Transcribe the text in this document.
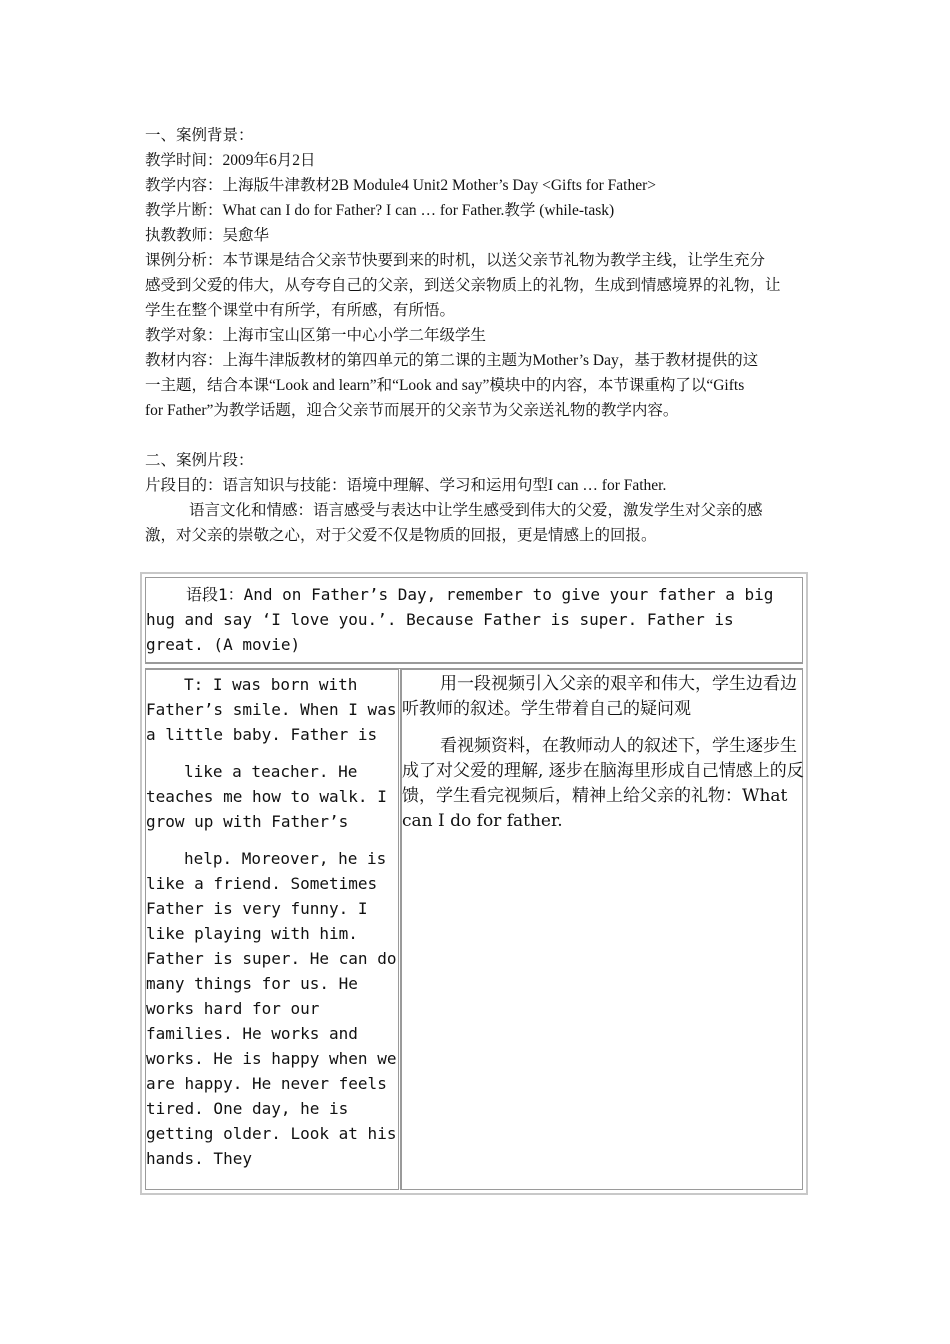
一、案例背景：
教学时间：2009年6月2日
教学内容：上海版牛津教材2B Module4 Unit2 Mother’s Day <Gifts for Father>
教学片断：What can I do for Father? I can … for Father.教学 (while-task)
执教教师：吴愈华
课例分析：本节课是结合父亲节快要到来的时机，以送父亲节礼物为教学主线，让学生充分
感受到父爱的伟大，从夸夸自己的父亲，到送父亲物质上的礼物，生成到情感境界的礼物，让
学生在整个课堂中有所学，有所感，有所悟。
教学对象：上海市宝山区第一中心小学二年级学生
教材内容：上海牛津版教材的第四单元的第二课的主题为Mother’s Day，基于教材提供的这
一主题，结合本课“Look and learn”和“Look and say”模块中的内容，本节课重构了以“Gifts
for Father”为教学话题，迎合父亲节而展开的父亲节为父亲送礼物的教学内容。
二、案例片段：
片段目的：语言知识与技能：语境中理解、学习和运用句型I can … for Father.
语言文化和情感：语言感受与表达中让学生感受到伟大的父爱，激发学生对父亲的感
激，对父亲的崇敬之心，对于父爱不仅是物质的回报，更是情感上的回报。

语段1：And on Father’s Day, remember to give your father a big

hug and say ‘I love you.’. Because Father is super. Father is

great. (A movie)

T: I was born with Father’s smile. When I was a little baby. Father is

like a teacher. He teaches me how to walk. I grow up with Father’s

help. Moreover, he is like a friend. Sometimes Father is very funny. I like playing with him. Father is super. He can do many things for us. He works hard for our families. He works and works. He is happy when we are happy. He never feels tired. One day, he is getting older. Look at his hands. They

用一段视频引入父亲的艰辛和伟大，学生边看边听教师的叙述。学生带着自己的疑问观

看视频资料，在教师动人的叙述下，学生逐步生成了对父爱的理解, 逐步在脑海里形成自己情感上的反馈，学生看完视频后，精神上给父亲的礼物：What can I do for father.
